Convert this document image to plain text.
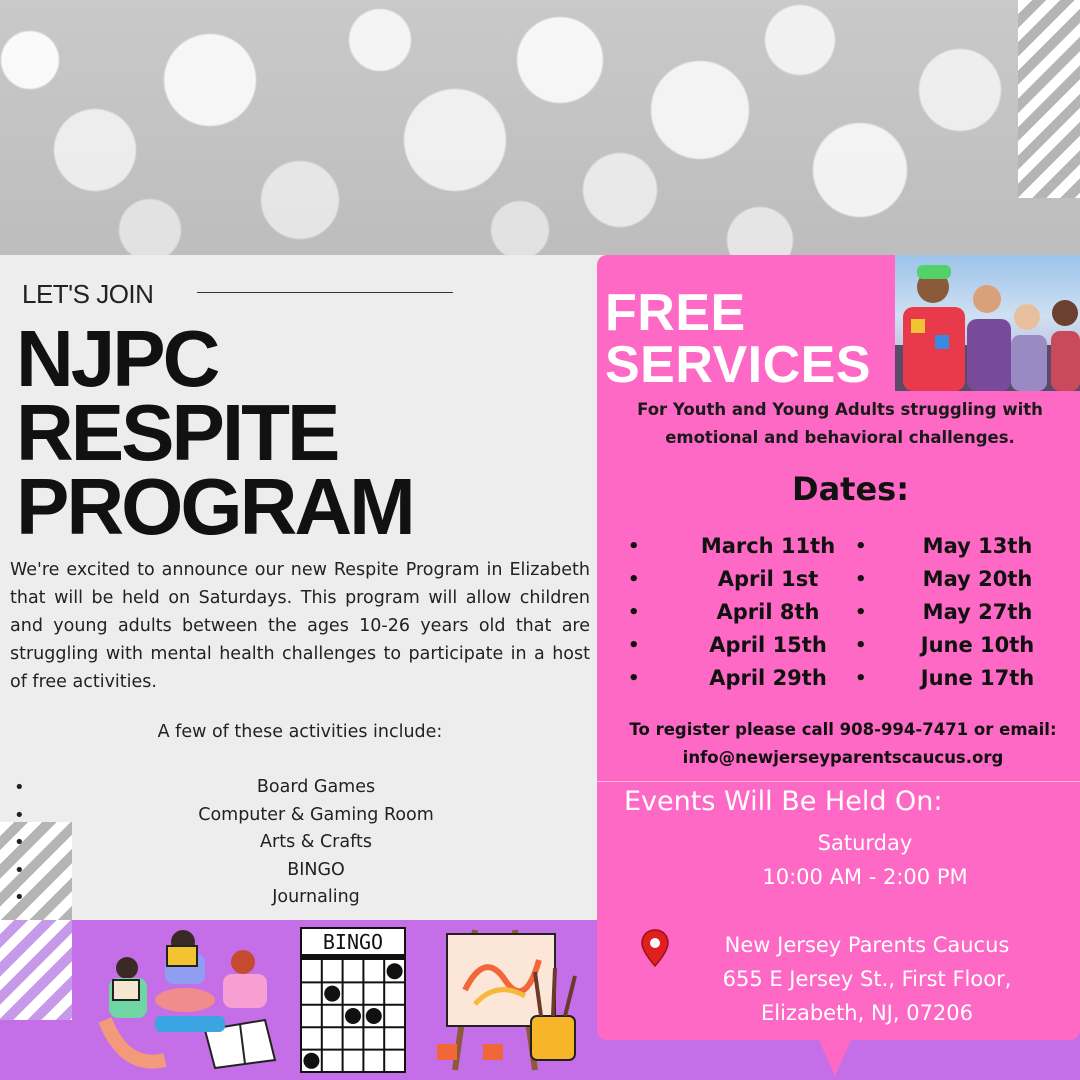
LET'S JOIN
NJPC
RESPITE
PROGRAM

We're excited to announce our new Respite Program in Elizabeth that will be held on Saturdays. This program will allow children and young adults between the ages 10-26 years old that are struggling with mental health challenges to participate in a host of free activities.

A few of these activities include:
• Board Games
• Computer & Gaming Room
• Arts & Crafts
• BINGO
• Journaling
BINGO
FREE
SERVICES
For Youth and Young Adults struggling with emotional and behavioral challenges.
Dates:
• March 11th
• April 1st
• April 8th
• April 15th
• April 29th
• May 13th
• May 20th
• May 27th
• June 10th
• June 17th
To register please call 908-994-7471 or email:
info@newjerseyparentscaucus.org
Events Will Be Held On:
Saturday
10:00 AM - 2:00 PM
New Jersey Parents Caucus
655 E Jersey St., First Floor,
Elizabeth, NJ, 07206
